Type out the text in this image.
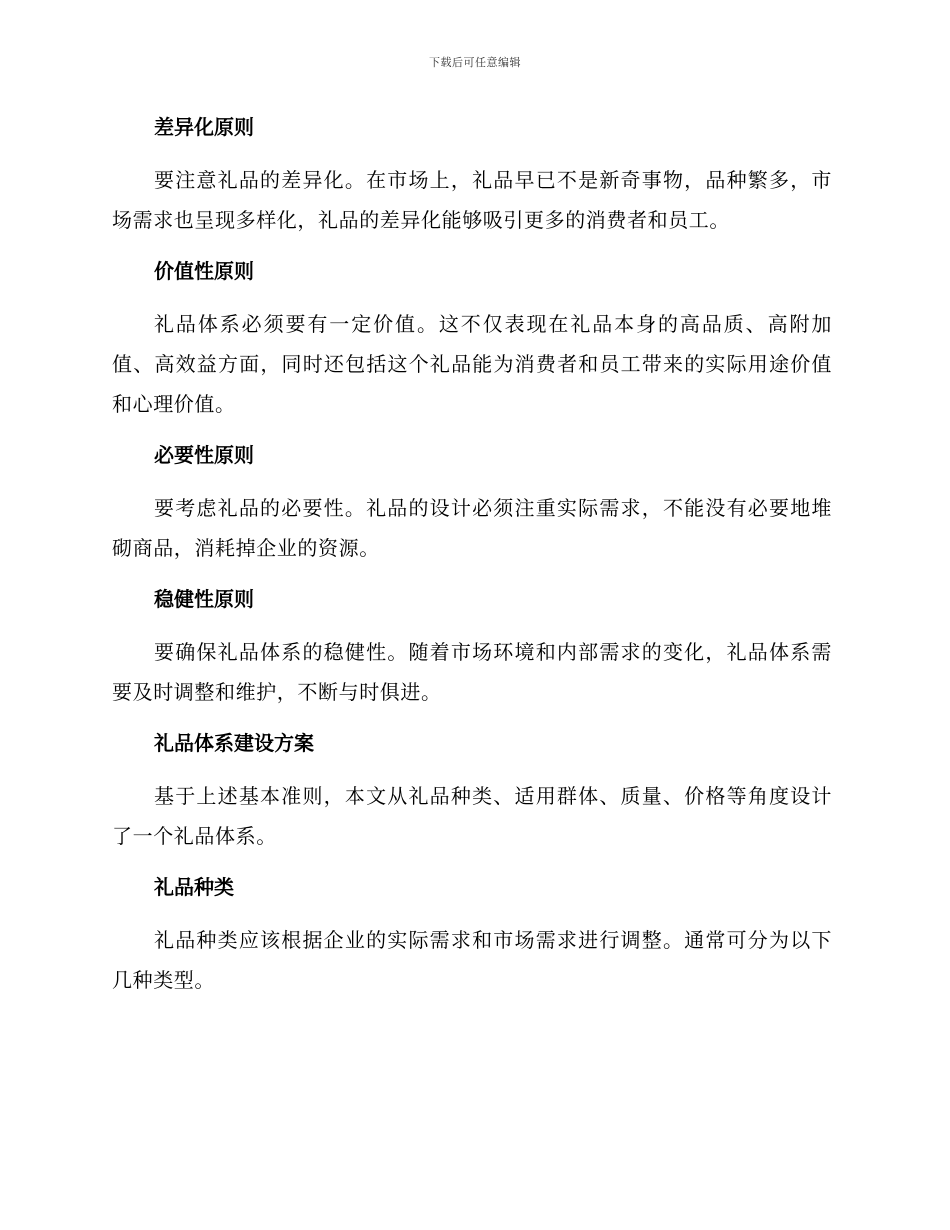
下载后可任意编辑
差异化原则

要注意礼品的差异化。在市场上，礼品早已不是新奇事物，品种繁多，市场需求也呈现多样化，礼品的差异化能够吸引更多的消费者和员工。

价值性原则

礼品体系必须要有一定价值。这不仅表现在礼品本身的高品质、高附加值、高效益方面，同时还包括这个礼品能为消费者和员工带来的实际用途价值和心理价值。

必要性原则

要考虑礼品的必要性。礼品的设计必须注重实际需求，不能没有必要地堆砌商品，消耗掉企业的资源。

稳健性原则

要确保礼品体系的稳健性。随着市场环境和内部需求的变化，礼品体系需要及时调整和维护，不断与时俱进。

礼品体系建设方案

基于上述基本准则，本文从礼品种类、适用群体、质量、价格等角度设计了一个礼品体系。

礼品种类

礼品种类应该根据企业的实际需求和市场需求进行调整。通常可分为以下几种类型。
